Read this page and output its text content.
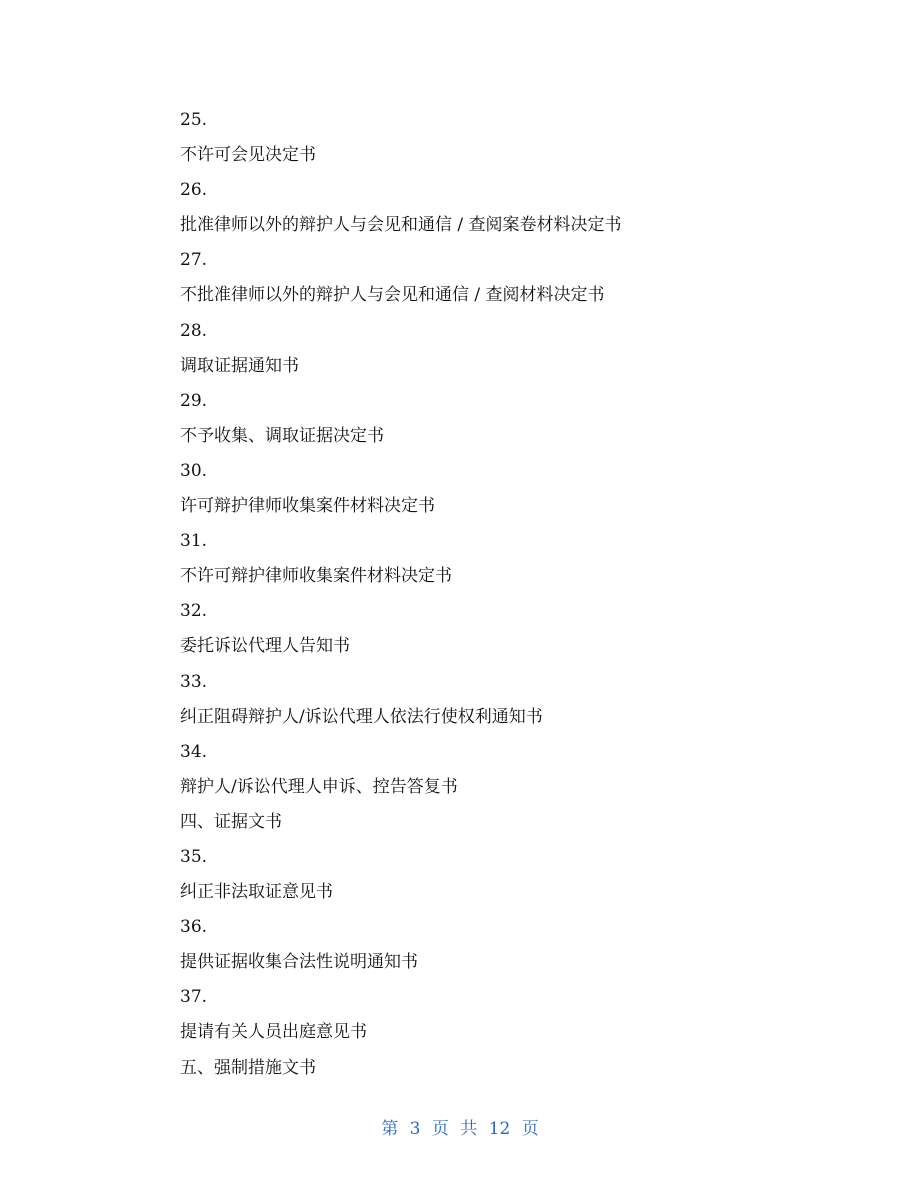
25.
不许可会见决定书
26.
批准律师以外的辩护人与会见和通信 / 查阅案卷材料决定书
27.
不批准律师以外的辩护人与会见和通信 / 查阅材料决定书
28.
调取证据通知书
29.
不予收集、调取证据决定书
30.
许可辩护律师收集案件材料决定书
31.
不许可辩护律师收集案件材料决定书
32.
委托诉讼代理人告知书
33.
纠正阻碍辩护人/诉讼代理人依法行使权利通知书
34.
辩护人/诉讼代理人申诉、控告答复书
四、证据文书
35.
纠正非法取证意见书
36.
提供证据收集合法性说明通知书
37.
提请有关人员出庭意见书
五、强制措施文书
第 3 页 共 12 页
